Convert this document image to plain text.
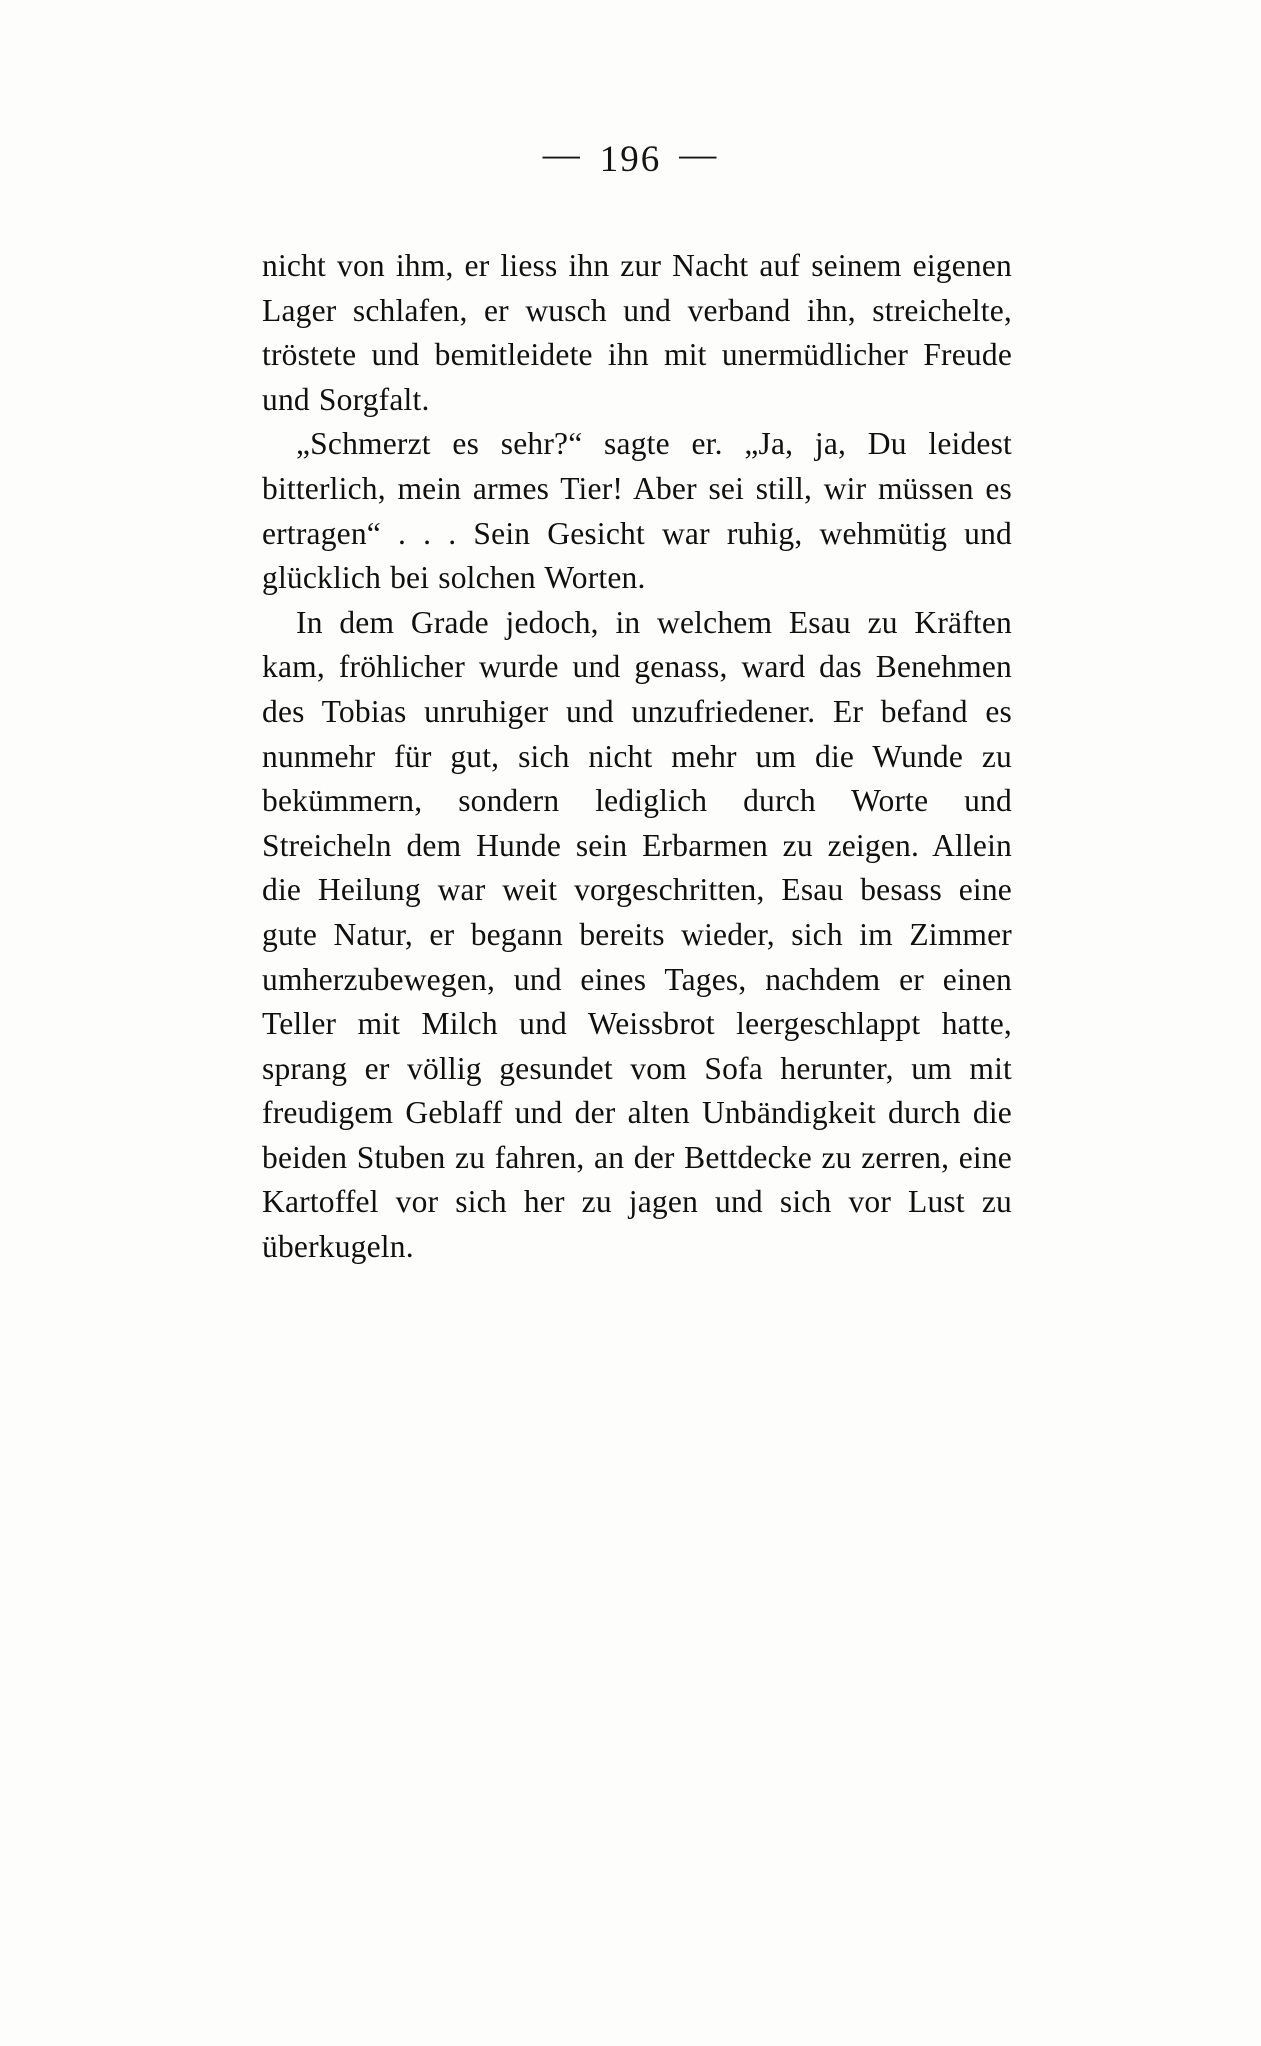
— 196 —

nicht von ihm, er liess ihn zur Nacht auf seinem eigenen Lager schlafen, er wusch und verband ihn, streichelte, tröstete und bemitleidete ihn mit unermüdlicher Freude und Sorgfalt.

„Schmerzt es sehr?“ sagte er. „Ja, ja, Du leidest bitterlich, mein armes Tier! Aber sei still, wir müssen es ertragen“ . . . Sein Gesicht war ruhig, wehmütig und glücklich bei solchen Worten.

In dem Grade jedoch, in welchem Esau zu Kräften kam, fröhlicher wurde und genass, ward das Benehmen des Tobias unruhiger und unzufriedener. Er befand es nunmehr für gut, sich nicht mehr um die Wunde zu bekümmern, sondern lediglich durch Worte und Streicheln dem Hunde sein Erbarmen zu zeigen. Allein die Heilung war weit vorgeschritten, Esau besass eine gute Natur, er begann bereits wieder, sich im Zimmer umherzubewegen, und eines Tages, nachdem er einen Teller mit Milch und Weissbrot leergeschlappt hatte, sprang er völlig gesundet vom Sofa herunter, um mit freudigem Geblaff und der alten Unbändigkeit durch die beiden Stuben zu fahren, an der Bettdecke zu zerren, eine Kartoffel vor sich her zu jagen und sich vor Lust zu überkugeln.
